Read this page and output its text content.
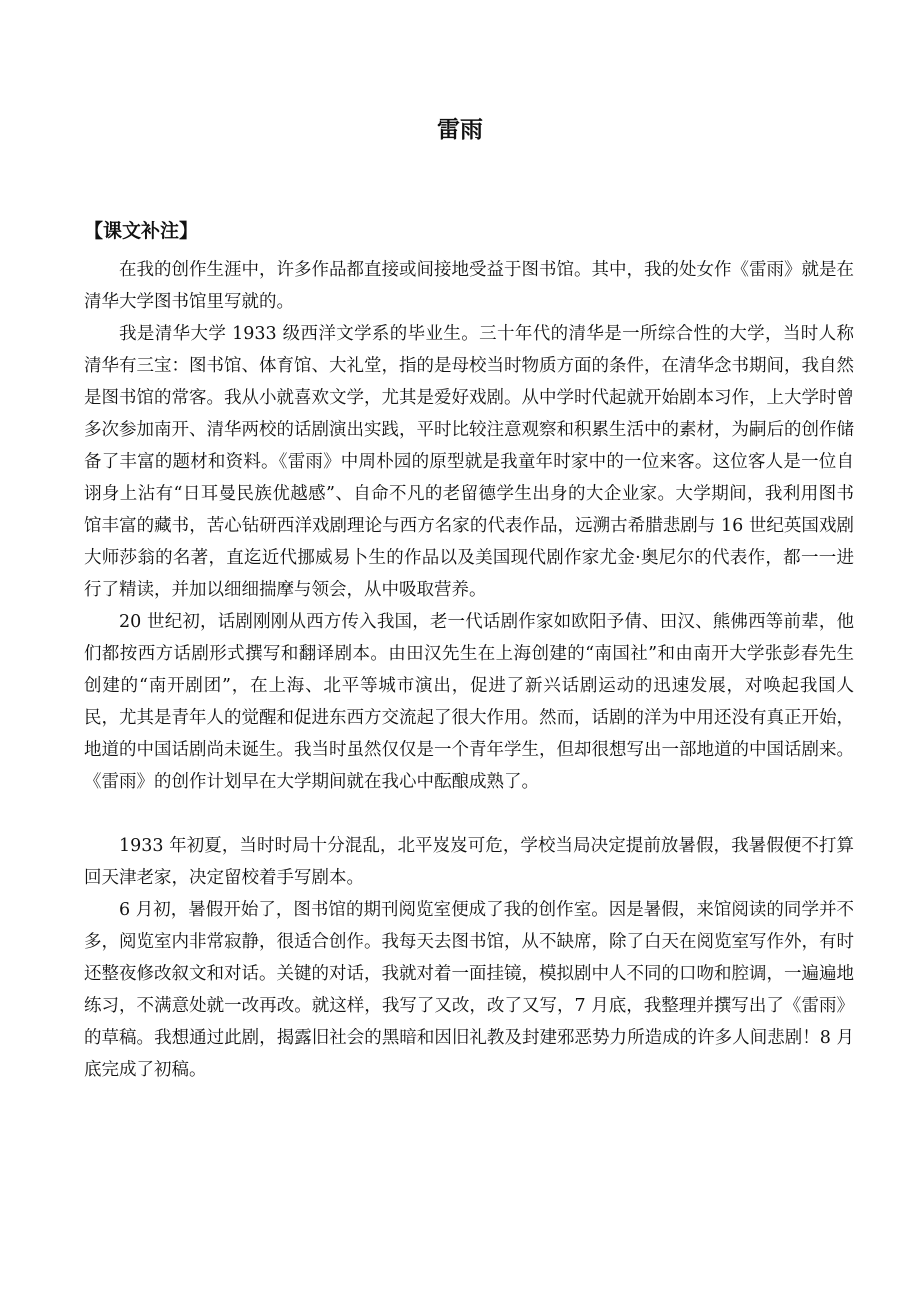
雷雨
【课文补注】

在我的创作生涯中，许多作品都直接或间接地受益于图书馆。其中，我的处女作《雷雨》就是在清华大学图书馆里写就的。

我是清华大学 1933 级西洋文学系的毕业生。三十年代的清华是一所综合性的大学，当时人称清华有三宝：图书馆、体育馆、大礼堂，指的是母校当时物质方面的条件，在清华念书期间，我自然是图书馆的常客。我从小就喜欢文学，尤其是爱好戏剧。从中学时代起就开始剧本习作，上大学时曾多次参加南开、清华两校的话剧演出实践，平时比较注意观察和积累生活中的素材，为嗣后的创作储备了丰富的题材和资料。《雷雨》中周朴园的原型就是我童年时家中的一位来客。这位客人是一位自诩身上沾有“日耳曼民族优越感”、自命不凡的老留德学生出身的大企业家。大学期间，我利用图书馆丰富的藏书，苦心钻研西洋戏剧理论与西方名家的代表作品，远溯古希腊悲剧与 16 世纪英国戏剧大师莎翁的名著，直迄近代挪威易卜生的作品以及美国现代剧作家尤金·奥尼尔的代表作，都一一进行了精读，并加以细细揣摩与领会，从中吸取营养。

20 世纪初，话剧刚刚从西方传入我国，老一代话剧作家如欧阳予倩、田汉、熊佛西等前辈，他们都按西方话剧形式撰写和翻译剧本。由田汉先生在上海创建的“南国社”和由南开大学张彭春先生创建的“南开剧团”，在上海、北平等城市演出，促进了新兴话剧运动的迅速发展，对唤起我国人民，尤其是青年人的觉醒和促进东西方交流起了很大作用。然而，话剧的洋为中用还没有真正开始，地道的中国话剧尚未诞生。我当时虽然仅仅是一个青年学生，但却很想写出一部地道的中国话剧来。《雷雨》的创作计划早在大学期间就在我心中酝酿成熟了。

1933 年初夏，当时时局十分混乱，北平岌岌可危，学校当局决定提前放暑假，我暑假便不打算回天津老家，决定留校着手写剧本。

6 月初，暑假开始了，图书馆的期刊阅览室便成了我的创作室。因是暑假，来馆阅读的同学并不多，阅览室内非常寂静，很适合创作。我每天去图书馆，从不缺席，除了白天在阅览室写作外，有时还整夜修改叙文和对话。关键的对话，我就对着一面挂镜，模拟剧中人不同的口吻和腔调，一遍遍地练习，不满意处就一改再改。就这样，我写了又改，改了又写，7 月底，我整理并撰写出了《雷雨》的草稿。我想通过此剧，揭露旧社会的黑暗和因旧礼教及封建邪恶势力所造成的许多人间悲剧！8 月底完成了初稿。
